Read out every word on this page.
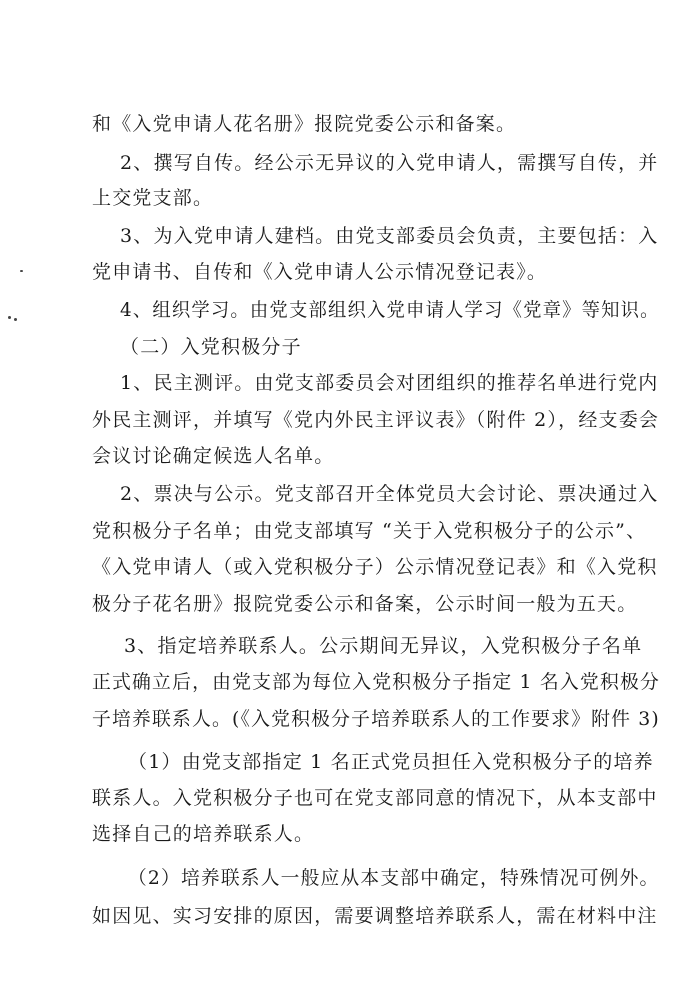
和《入党申请人花名册》报院党委公示和备案。
2、撰写自传。经公示无异议的入党申请人，需撰写自传，并
上交党支部。
3、为入党申请人建档。由党支部委员会负责，主要包括：入
党申请书、自传和《入党申请人公示情况登记表》。
4、组织学习。由党支部组织入党申请人学习《党章》等知识。
（二）入党积极分子
1、民主测评。由党支部委员会对团组织的推荐名单进行党内
外民主测评，并填写《党内外民主评议表》（附件 2），经支委会
会议讨论确定候选人名单。
2、票决与公示。党支部召开全体党员大会讨论、票决通过入
党积极分子名单；由党支部填写 “关于入党积极分子的公示”、
《入党申请人（或入党积极分子）公示情况登记表》和《入党积
极分子花名册》报院党委公示和备案，公示时间一般为五天。
3、指定培养联系人。公示期间无异议，入党积极分子名单
正式确立后，由党支部为每位入党积极分子指定 1 名入党积极分
子培养联系人。(《入党积极分子培养联系人的工作要求》附件 3)
（1）由党支部指定 1 名正式党员担任入党积极分子的培养
联系人。入党积极分子也可在党支部同意的情况下，从本支部中
选择自己的培养联系人。
（2）培养联系人一般应从本支部中确定，特殊情况可例外。
如因见、实习安排的原因，需要调整培养联系人，需在材料中注
